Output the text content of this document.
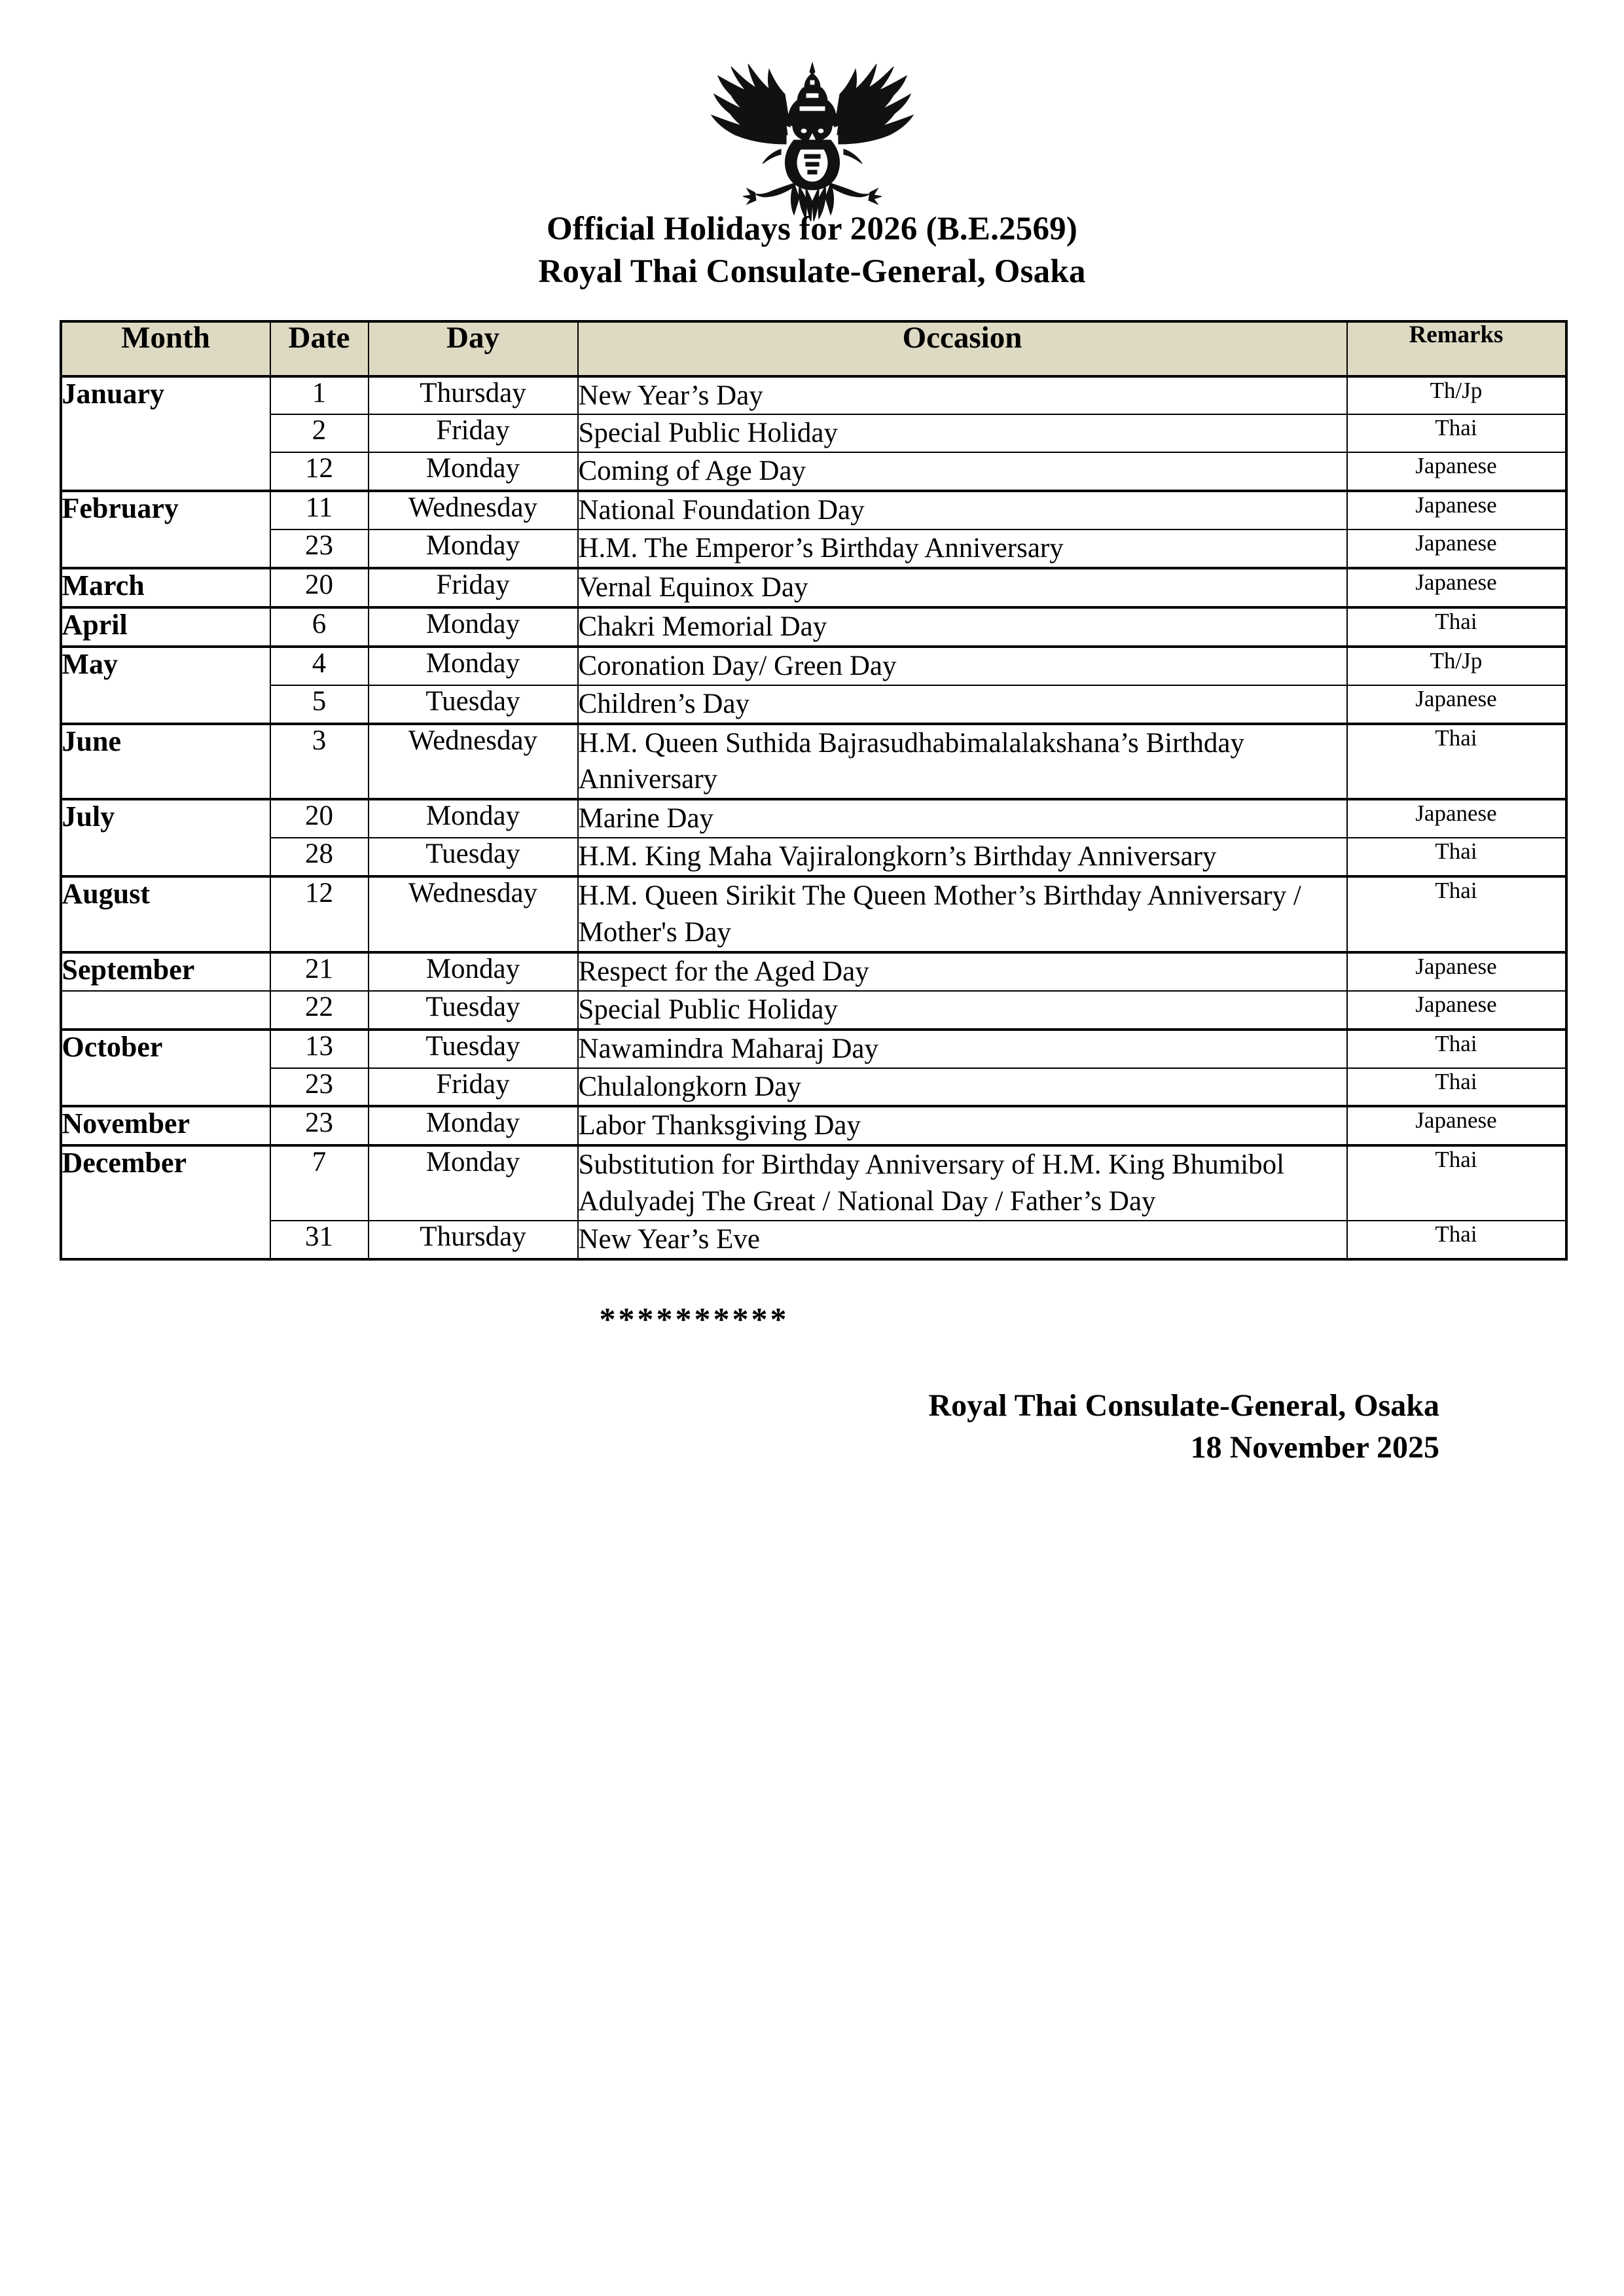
Official Holidays for 2026 (B.E.2569)
Royal Thai Consulate-General, Osaka
Month	Date	Day	Occasion	Remarks
January	1	Thursday	New Year’s Day	Th/Jp
	2	Friday	Special Public Holiday	Thai
	12	Monday	Coming of Age Day	Japanese
February	11	Wednesday	National Foundation Day	Japanese
	23	Monday	H.M. The Emperor’s Birthday Anniversary	Japanese
March	20	Friday	Vernal Equinox Day	Japanese
April	6	Monday	Chakri Memorial Day	Thai
May	4	Monday	Coronation Day/ Green Day	Th/Jp
	5	Tuesday	Children’s Day	Japanese
June	3	Wednesday	H.M. Queen Suthida Bajrasudhabimalalakshana’s Birthday Anniversary	Thai
July	20	Monday	Marine Day	Japanese
	28	Tuesday	H.M. King Maha Vajiralongkorn’s Birthday Anniversary	Thai
August	12	Wednesday	H.M. Queen Sirikit The Queen Mother’s Birthday Anniversary / Mother's Day	Thai
September	21	Monday	Respect for the Aged Day	Japanese
	22	Tuesday	Special Public Holiday	Japanese
October	13	Tuesday	Nawamindra Maharaj Day	Thai
	23	Friday	Chulalongkorn Day	Thai
November	23	Monday	Labor Thanksgiving Day	Japanese
December	7	Monday	Substitution for Birthday Anniversary of H.M. King Bhumibol Adulyadej The Great / National Day / Father’s Day	Thai
	31	Thursday	New Year’s Eve	Thai
**********
Royal Thai Consulate-General, Osaka
18 November 2025
